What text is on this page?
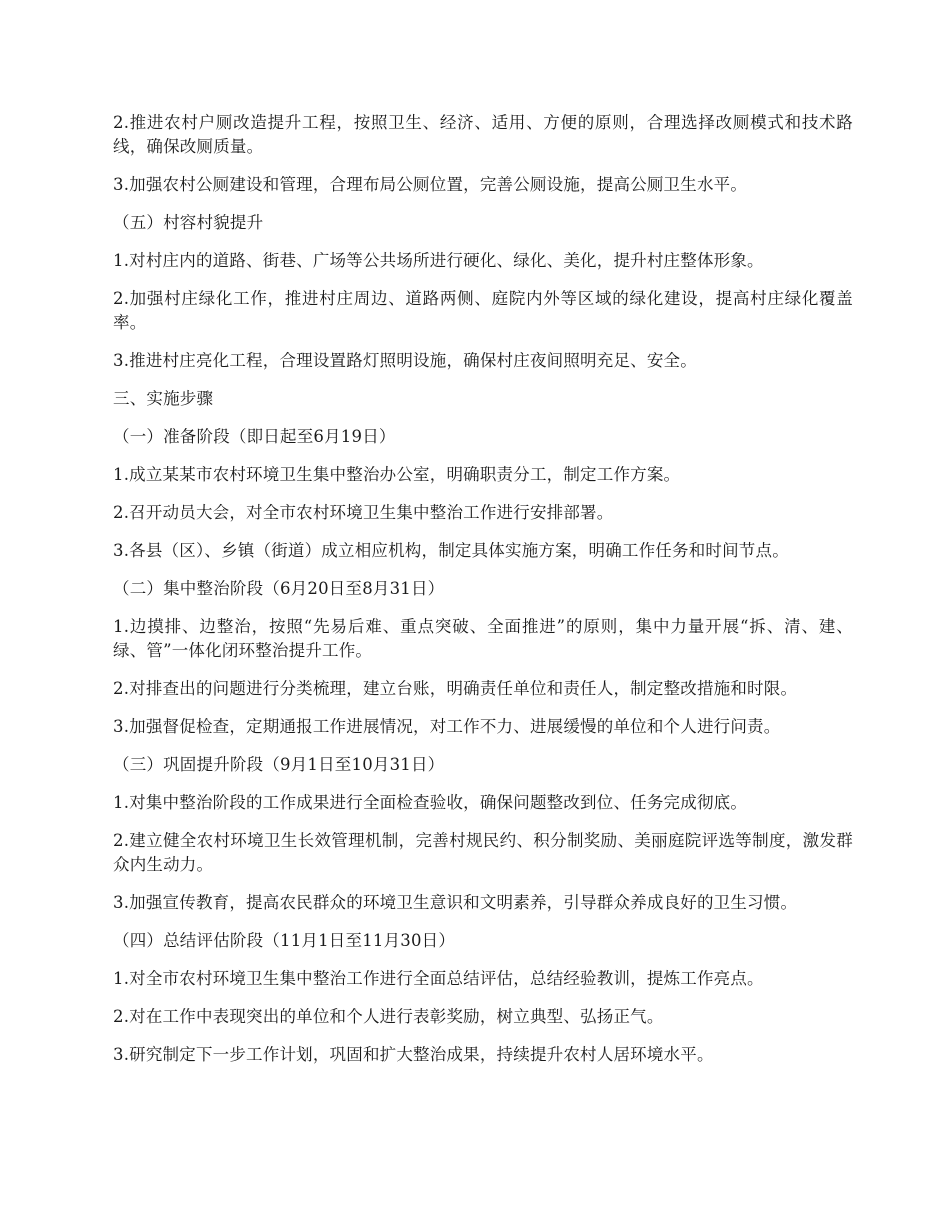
2.推进农村户厕改造提升工程，按照卫生、经济、适用、方便的原则，合理选择改厕模式和技术路线，确保改厕质量。

3.加强农村公厕建设和管理，合理布局公厕位置，完善公厕设施，提高公厕卫生水平。

（五）村容村貌提升

1.对村庄内的道路、街巷、广场等公共场所进行硬化、绿化、美化，提升村庄整体形象。

2.加强村庄绿化工作，推进村庄周边、道路两侧、庭院内外等区域的绿化建设，提高村庄绿化覆盖率。

3.推进村庄亮化工程，合理设置路灯照明设施，确保村庄夜间照明充足、安全。

三、实施步骤

（一）准备阶段（即日起至6月19日）

1.成立某某市农村环境卫生集中整治办公室，明确职责分工，制定工作方案。

2.召开动员大会，对全市农村环境卫生集中整治工作进行安排部署。

3.各县（区）、乡镇（街道）成立相应机构，制定具体实施方案，明确工作任务和时间节点。

（二）集中整治阶段（6月20日至8月31日）

1.边摸排、边整治，按照“先易后难、重点突破、全面推进”的原则，集中力量开展“拆、清、建、绿、管”一体化闭环整治提升工作。

2.对排查出的问题进行分类梳理，建立台账，明确责任单位和责任人，制定整改措施和时限。

3.加强督促检查，定期通报工作进展情况，对工作不力、进展缓慢的单位和个人进行问责。

（三）巩固提升阶段（9月1日至10月31日）

1.对集中整治阶段的工作成果进行全面检查验收，确保问题整改到位、任务完成彻底。

2.建立健全农村环境卫生长效管理机制，完善村规民约、积分制奖励、美丽庭院评选等制度，激发群众内生动力。

3.加强宣传教育，提高农民群众的环境卫生意识和文明素养，引导群众养成良好的卫生习惯。

（四）总结评估阶段（11月1日至11月30日）

1.对全市农村环境卫生集中整治工作进行全面总结评估，总结经验教训，提炼工作亮点。

2.对在工作中表现突出的单位和个人进行表彰奖励，树立典型、弘扬正气。

3.研究制定下一步工作计划，巩固和扩大整治成果，持续提升农村人居环境水平。
